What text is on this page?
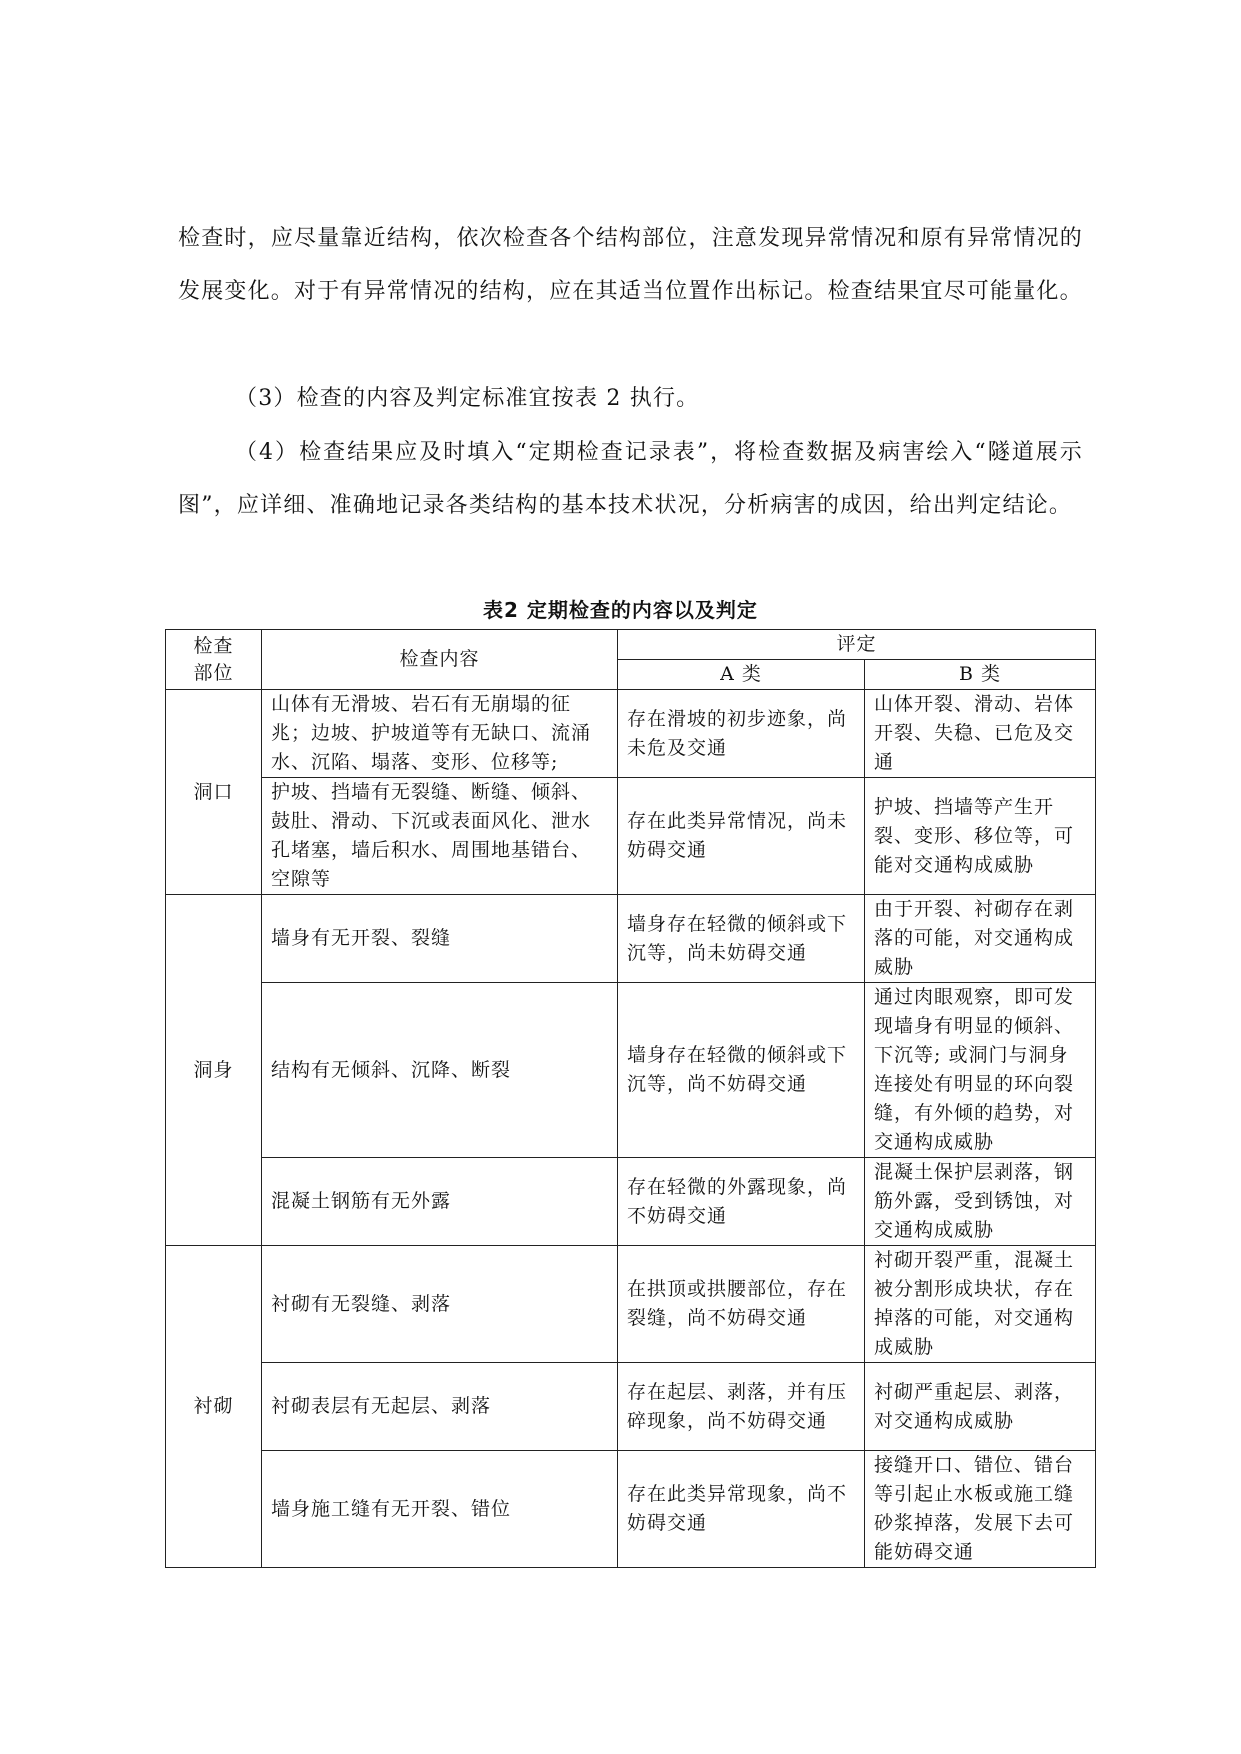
检查时，应尽量靠近结构，依次检查各个结构部位，注意发现异常情况和原有异常情况的发展变化。对于有异常情况的结构，应在其适当位置作出标记。检查结果宜尽可能量化。

（3）检查的内容及判定标准宜按表 2 执行。

（4）检查结果应及时填入“定期检查记录表”，将检查数据及病害绘入“隧道展示图”，应详细、准确地记录各类结构的基本技术状况，分析病害的成因，给出判定结论。

表2 定期检查的内容以及判定
检查
部位	检查内容	评定	
		A 类	B 类
洞口	山体有无滑坡、岩石有无崩塌的征兆；边坡、护坡道等有无缺口、流涌水、沉陷、塌落、变形、位移等;	存在滑坡的初步迹象，尚未危及交通	山体开裂、滑动、岩体开裂、失稳、已危及交通
	护坡、挡墙有无裂缝、断缝、倾斜、鼓肚、滑动、下沉或表面风化、泄水孔堵塞，墙后积水、周围地基错台、空隙等	存在此类异常情况，尚未妨碍交通	护坡、挡墙等产生开裂、变形、移位等，可能对交通构成威胁
洞身	墙身有无开裂、裂缝	墙身存在轻微的倾斜或下沉等，尚未妨碍交通	由于开裂、衬砌存在剥落的可能，对交通构成威胁
	结构有无倾斜、沉降、断裂	墙身存在轻微的倾斜或下沉等，尚不妨碍交通	通过肉眼观察，即可发现墙身有明显的倾斜、下沉等; 或洞门与洞身连接处有明显的环向裂缝，有外倾的趋势，对交通构成威胁
	混凝土钢筋有无外露	存在轻微的外露现象，尚不妨碍交通	混凝土保护层剥落，钢筋外露，受到锈蚀，对交通构成威胁
衬砌	衬砌有无裂缝、剥落	在拱顶或拱腰部位，存在裂缝，尚不妨碍交通	衬砌开裂严重，混凝土被分割形成块状，存在掉落的可能，对交通构成威胁
	衬砌表层有无起层、剥落	存在起层、剥落，并有压碎现象，尚不妨碍交通	衬砌严重起层、剥落，对交通构成威胁
	墙身施工缝有无开裂、错位	存在此类异常现象，尚不妨碍交通	接缝开口、错位、错台等引起止水板或施工缝砂浆掉落，发展下去可能妨碍交通
